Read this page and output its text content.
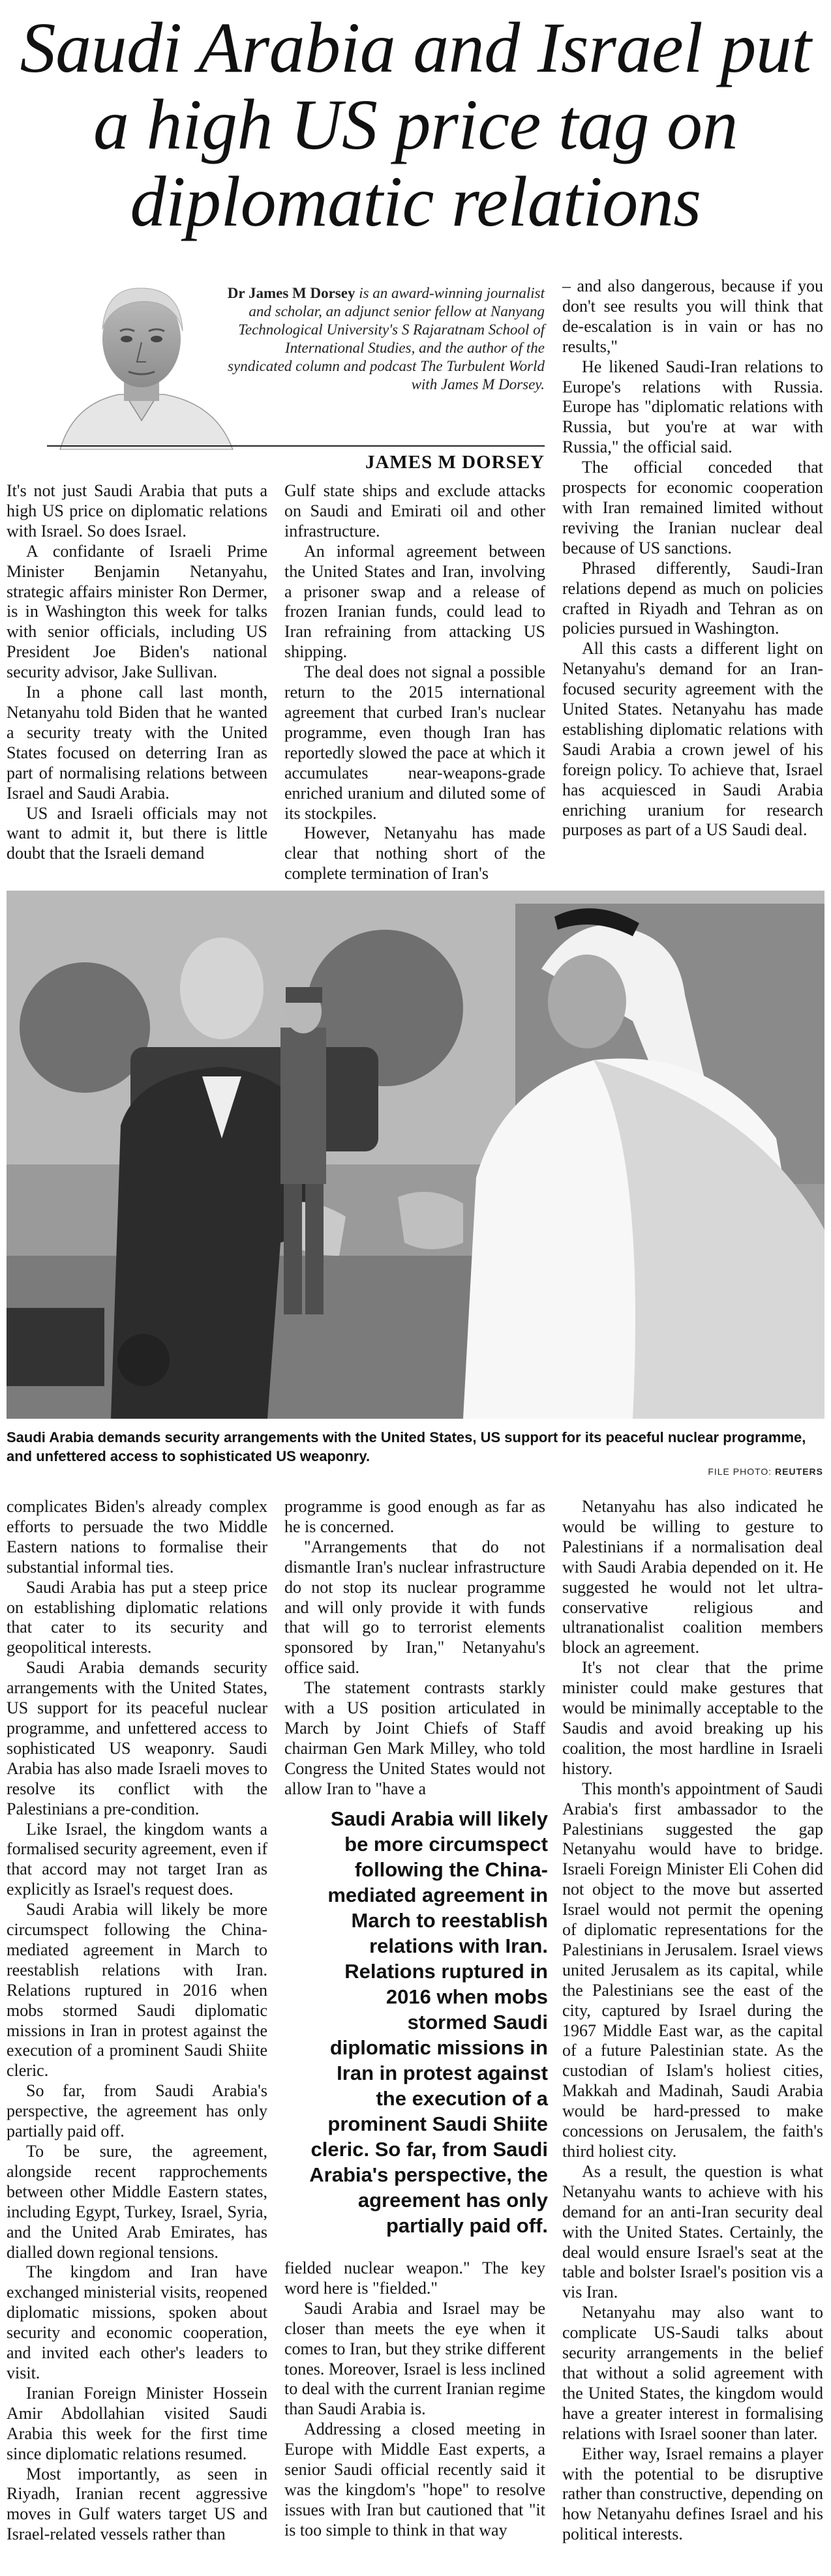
Saudi Arabia and Israel put a high US price tag on diplomatic relations
Dr James M Dorsey is an award-winning journalist and scholar, an adjunct senior fellow at Nanyang Technological University's S Rajaratnam School of International Studies, and the author of the syndicated column and podcast The Turbulent World with James M Dorsey.
JAMES M DORSEY

It's not just Saudi Arabia that puts a high US price on diplomatic relations with Israel. So does Israel.

A confidante of Israeli Prime Minister Benjamin Netanyahu, strategic affairs minister Ron Dermer, is in Washington this week for talks with senior officials, including US President Joe Biden's national security advisor, Jake Sullivan.

In a phone call last month, Netanyahu told Biden that he wanted a security treaty with the United States focused on deterring Iran as part of normalising relations between Israel and Saudi Arabia.

US and Israeli officials may not want to admit it, but there is little doubt that the Israeli demand

Gulf state ships and exclude attacks on Saudi and Emirati oil and other infrastructure.

An informal agreement between the United States and Iran, involving a prisoner swap and a release of frozen Iranian funds, could lead to Iran refraining from attacking US shipping.

The deal does not signal a possible return to the 2015 international agreement that curbed Iran's nuclear programme, even though Iran has reportedly slowed the pace at which it accumulates near-weapons-grade enriched uranium and diluted some of its stockpiles.

However, Netanyahu has made clear that nothing short of the complete termination of Iran's

– and also dangerous, because if you don't see results you will think that de-escalation is in vain or has no results,"

He likened Saudi-Iran relations to Europe's relations with Russia. Europe has "diplomatic relations with Russia, but you're at war with Russia," the official said.

The official conceded that prospects for economic cooperation with Iran remained limited without reviving the Iranian nuclear deal because of US sanctions.

Phrased differently, Saudi-Iran relations depend as much on policies crafted in Riyadh and Tehran as on policies pursued in Washington.

All this casts a different light on Netanyahu's demand for an Iran-focused security agreement with the United States. Netanyahu has made establishing diplomatic relations with Saudi Arabia a crown jewel of his foreign policy. To achieve that, Israel has acquiesced in Saudi Arabia enriching uranium for research purposes as part of a US Saudi deal.

Saudi Arabia demands security arrangements with the United States, US support for its peaceful nuclear programme, and unfettered access to sophisticated US weaponry.
FILE PHOTO: REUTERS

complicates Biden's already complex efforts to persuade the two Middle Eastern nations to formalise their substantial informal ties.

Saudi Arabia has put a steep price on establishing diplomatic relations that cater to its security and geopolitical interests.

Saudi Arabia demands security arrangements with the United States, US support for its peaceful nuclear programme, and unfettered access to sophisticated US weaponry. Saudi Arabia has also made Israeli moves to resolve its conflict with the Palestinians a pre-condition.

Like Israel, the kingdom wants a formalised security agreement, even if that accord may not target Iran as explicitly as Israel's request does.

Saudi Arabia will likely be more circumspect following the China-mediated agreement in March to reestablish relations with Iran. Relations ruptured in 2016 when mobs stormed Saudi diplomatic missions in Iran in protest against the execution of a prominent Saudi Shiite cleric.

So far, from Saudi Arabia's perspective, the agreement has only partially paid off.

To be sure, the agreement, alongside recent rapprochements between other Middle Eastern states, including Egypt, Turkey, Israel, Syria, and the United Arab Emirates, has dialled down regional tensions.

The kingdom and Iran have exchanged ministerial visits, reopened diplomatic missions, spoken about security and economic cooperation, and invited each other's leaders to visit.

Iranian Foreign Minister Hossein Amir Abdollahian visited Saudi Arabia this week for the first time since diplomatic relations resumed.

Most importantly, as seen in Riyadh, Iranian recent aggressive moves in Gulf waters target US and Israel-related vessels rather than

programme is good enough as far as he is concerned.

"Arrangements that do not dismantle Iran's nuclear infrastructure do not stop its nuclear programme and will only provide it with funds that will go to terrorist elements sponsored by Iran," Netanyahu's office said.

The statement contrasts starkly with a US position articulated in March by Joint Chiefs of Staff chairman Gen Mark Milley, who told Congress the United States would not allow Iran to "have a

Saudi Arabia will likely be more circumspect following the China-mediated agreement in March to reestablish relations with Iran. Relations ruptured in 2016 when mobs stormed Saudi diplomatic missions in Iran in protest against the execution of a prominent Saudi Shiite cleric. So far, from Saudi Arabia's perspective, the agreement has only partially paid off.

fielded nuclear weapon." The key word here is "fielded."

Saudi Arabia and Israel may be closer than meets the eye when it comes to Iran, but they strike different tones. Moreover, Israel is less inclined to deal with the current Iranian regime than Saudi Arabia is.

Addressing a closed meeting in Europe with Middle East experts, a senior Saudi official recently said it was the kingdom's "hope" to resolve issues with Iran but cautioned that "it is too simple to think in that way

Netanyahu has also indicated he would be willing to gesture to Palestinians if a normalisation deal with Saudi Arabia depended on it. He suggested he would not let ultra-conservative religious and ultranationalist coalition members block an agreement.

It's not clear that the prime minister could make gestures that would be minimally acceptable to the Saudis and avoid breaking up his coalition, the most hardline in Israeli history.

This month's appointment of Saudi Arabia's first ambassador to the Palestinians suggested the gap Netanyahu would have to bridge. Israeli Foreign Minister Eli Cohen did not object to the move but asserted Israel would not permit the opening of diplomatic representations for the Palestinians in Jerusalem. Israel views united Jerusalem as its capital, while the Palestinians see the east of the city, captured by Israel during the 1967 Middle East war, as the capital of a future Palestinian state. As the custodian of Islam's holiest cities, Makkah and Madinah, Saudi Arabia would be hard-pressed to make concessions on Jerusalem, the faith's third holiest city.

As a result, the question is what Netanyahu wants to achieve with his demand for an anti-Iran security deal with the United States. Certainly, the deal would ensure Israel's seat at the table and bolster Israel's position vis a vis Iran.

Netanyahu may also want to complicate US-Saudi talks about security arrangements in the belief that without a solid agreement with the United States, the kingdom would have a greater interest in formalising relations with Israel sooner than later.

Either way, Israel remains a player with the potential to be disruptive rather than constructive, depending on how Netanyahu defines Israel and his political interests.
